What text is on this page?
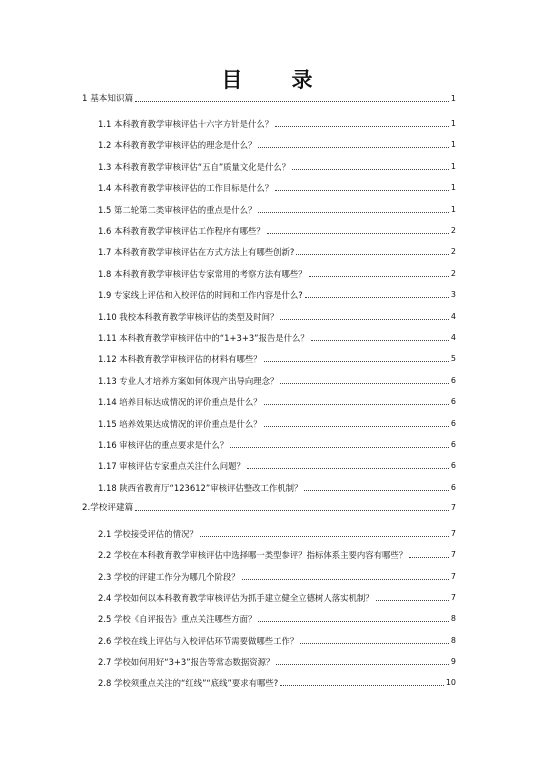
目　录
1 基本知识篇	1
1.1 本科教育教学审核评估十六字方针是什么？	1
1.2 本科教育教学审核评估的理念是什么？	1
1.3 本科教育教学审核评估“五自”质量文化是什么？	1
1.4 本科教育教学审核评估的工作目标是什么？	1
1.5 第二轮第二类审核评估的重点是什么？	1
1.6 本科教育教学审核评估工作程序有哪些？	2
1.7 本科教育教学审核评估在方式方法上有哪些创新?	2
1.8 本科教育教学审核评估专家常用的考察方法有哪些？	2
1.9 专家线上评估和入校评估的时间和工作内容是什么?	3
1.10 我校本科教育教学审核评估的类型及时间？	4
1.11 本科教育教学审核评估中的“1+3+3”报告是什么？	4
1.12 本科教育教学审核评估的材料有哪些？	5
1.13 专业人才培养方案如何体现产出导向理念？	6
1.14 培养目标达成情况的评价重点是什么？	6
1.15 培养效果达成情况的评价重点是什么？	6
1.16 审核评估的重点要求是什么？	6
1.17 审核评估专家重点关注什么问题？	6
1.18 陕西省教育厅“123612”审核评估整改工作机制？	6
2.学校评建篇	7
2.1 学校接受评估的情况？	7
2.2 学校在本科教育教学审核评估中选择哪一类型参评？指标体系主要内容有哪些？	7
2.3 学校的评建工作分为哪几个阶段？	7
2.4 学校如何以本科教育教学审核评估为抓手建立健全立德树人落实机制？	7
2.5 学校《自评报告》重点关注哪些方面？	8
2.6 学校在线上评估与入校评估环节需要做哪些工作？	8
2.7 学校如何用好“3+3”报告等常态数据资源？	9
2.8 学校须重点关注的“红线”“底线”要求有哪些?	10
